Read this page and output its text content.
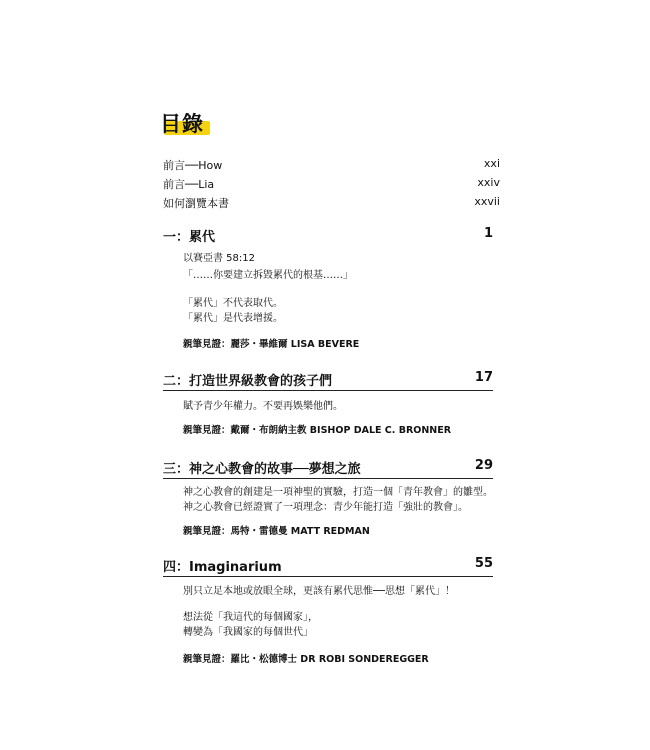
目錄
前言──How	xxi
前言──Lia	xxiv
如何瀏覽本書	xxvii
一：累代	1
以賽亞書 58:12
「……你要建立拆毀累代的根基……」
「累代」不代表取代。
「累代」是代表增援。
親筆見證：麗莎・畢維爾 LISA BEVERE
二：打造世界級教會的孩子們	17
賦予青少年權力。不要再娛樂他們。
親筆見證：戴爾・布朗納主教 BISHOP DALE C. BRONNER
三：神之心教會的故事──夢想之旅	29
神之心教會的創建是一項神聖的實驗，打造一個「青年教會」的雛型。
神之心教會已經證實了一項理念：青少年能打造「強壯的教會」。
親筆見證：馬特・雷德曼 MATT REDMAN
四：Imaginarium	55
別只立足本地或放眼全球，更該有累代思惟──思想「累代」！
想法從「我這代的每個國家」，
轉變為「我國家的每個世代」
親筆見證：羅比・松德博士 DR ROBI SONDEREGGER
